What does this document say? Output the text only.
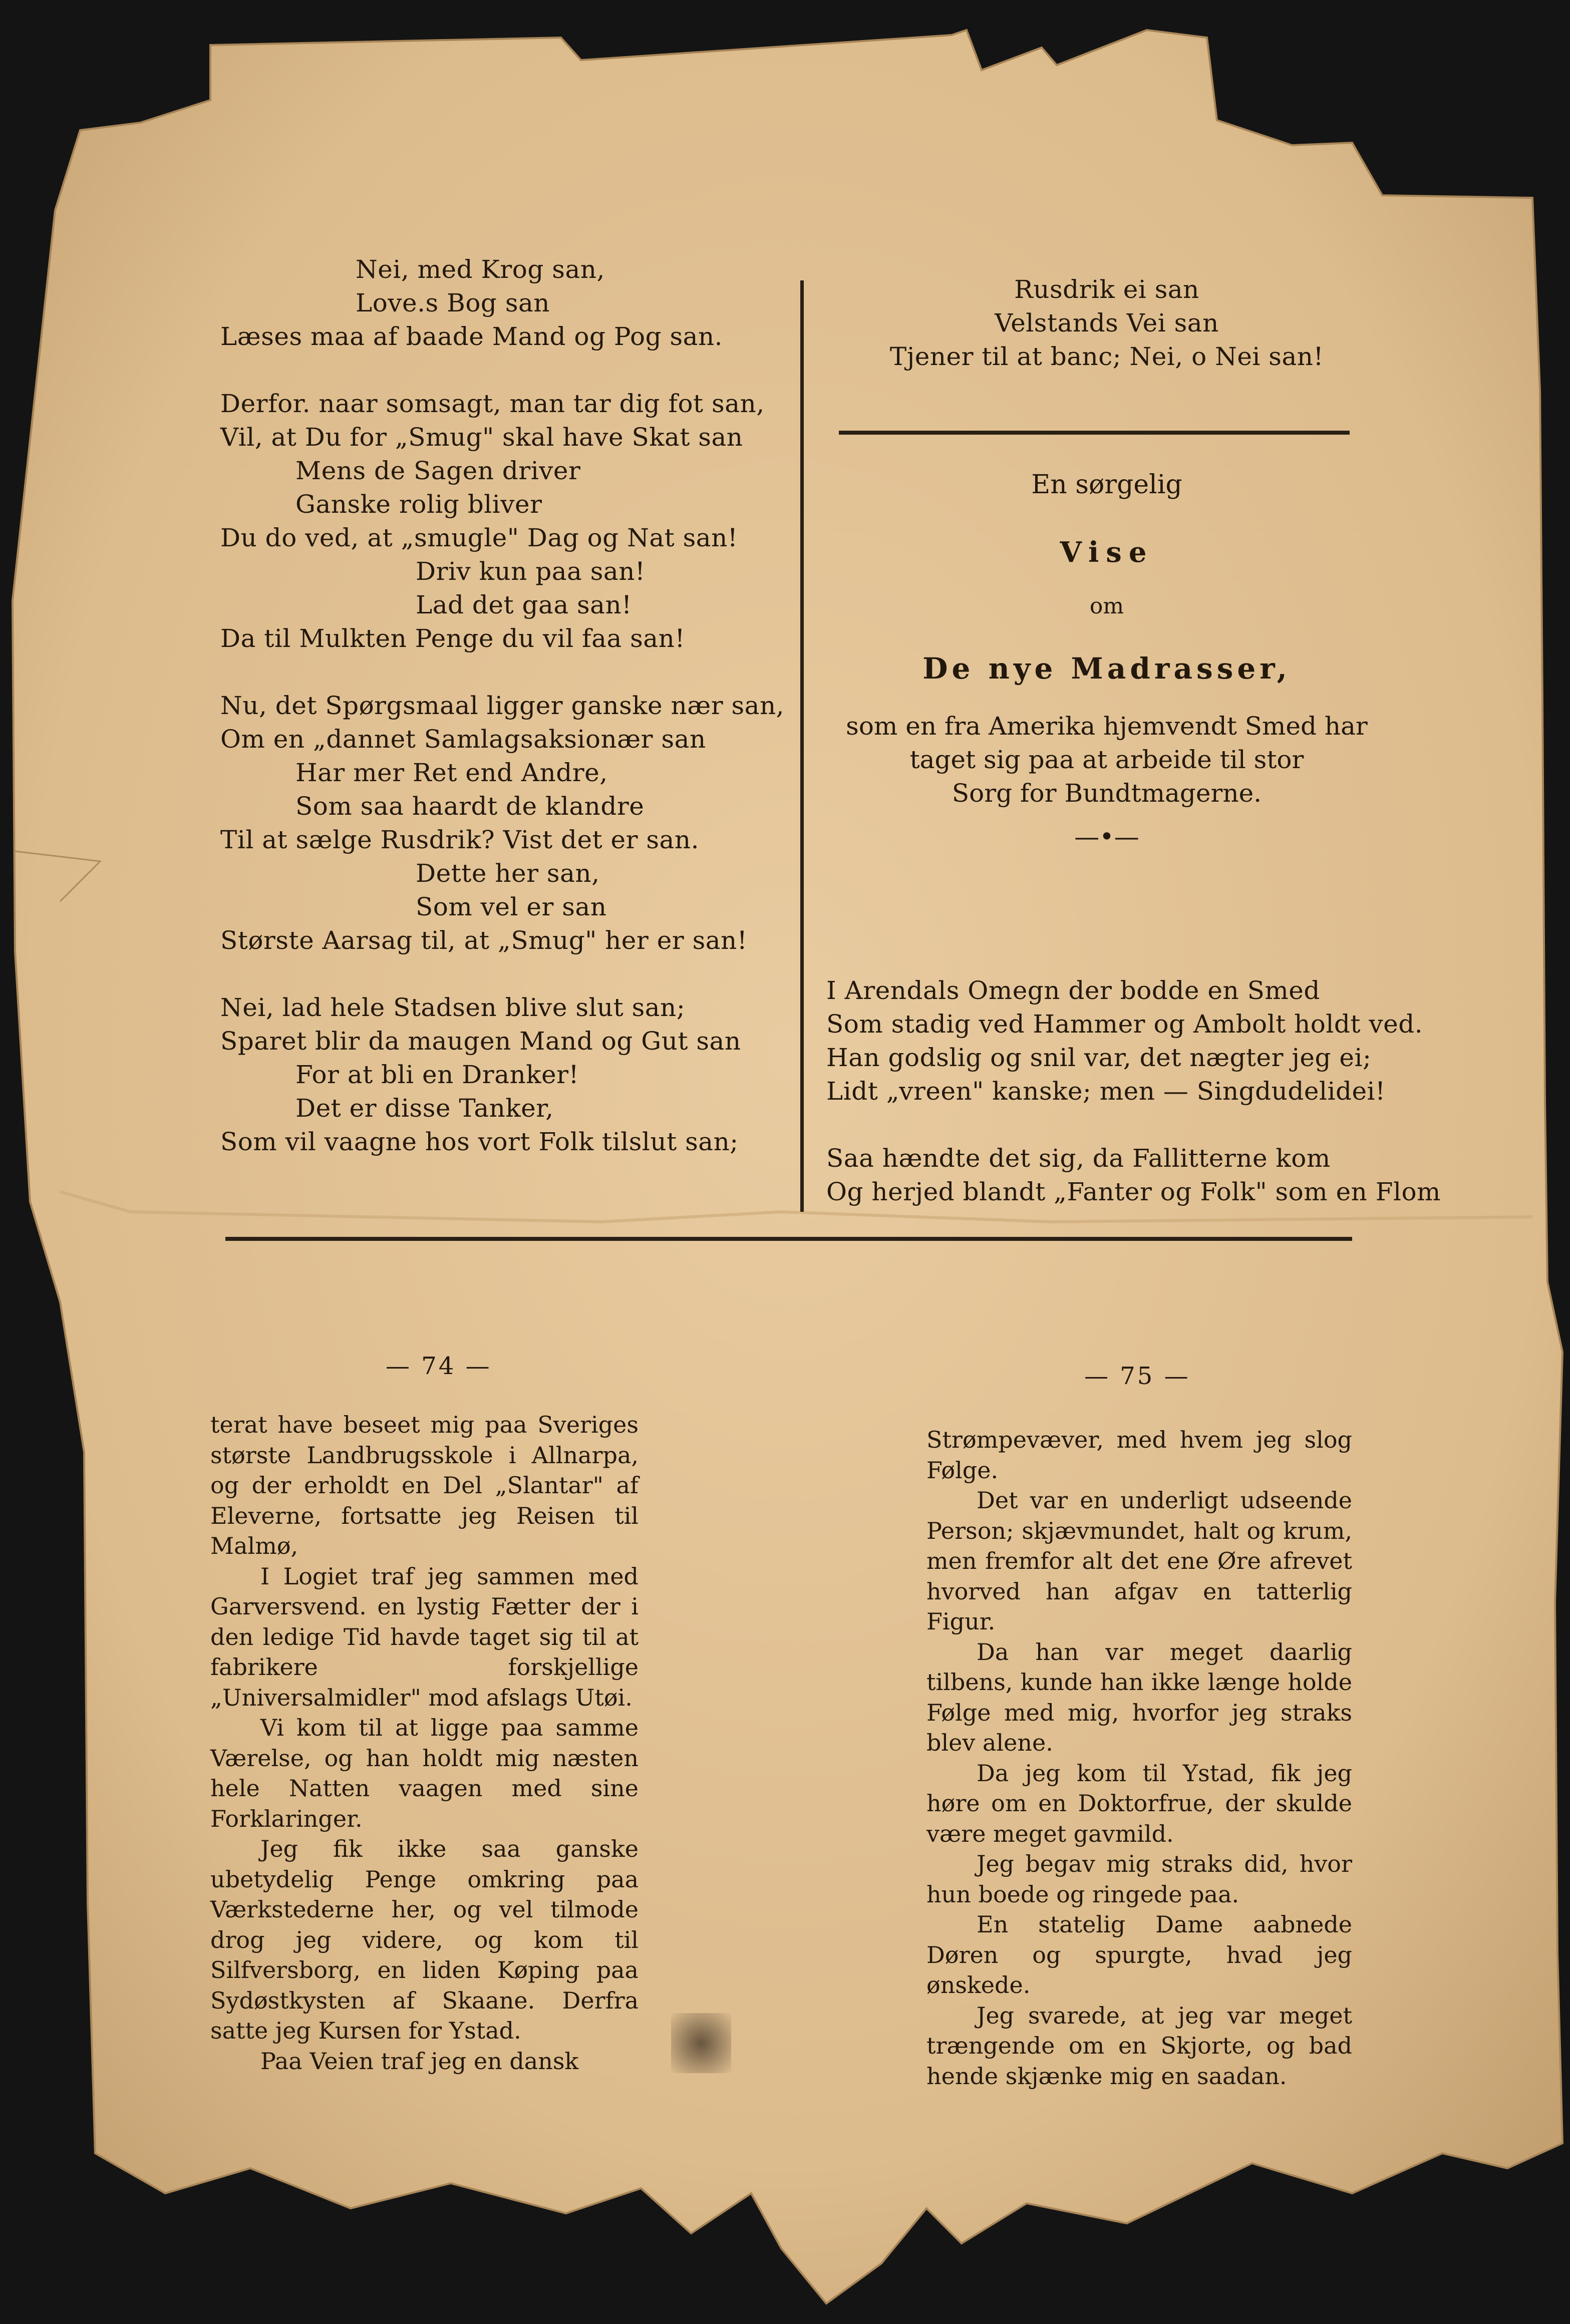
Nei, med Krog san,
Love.s Bog san
Læses maa af baade Mand og Pog san.
Derfor. naar somsagt, man tar dig fot san,
Vil, at Du for „Smug" skal have Skat san
Mens de Sagen driver
Ganske rolig bliver
Du do ved, at „smugle" Dag og Nat san!
Driv kun paa san!
Lad det gaa san!
Da til Mulkten Penge du vil faa san!
Nu, det Spørgsmaal ligger ganske nær san,
Om en „dannet Samlagsaksionær san
Har mer Ret end Andre,
Som saa haardt de klandre
Til at sælge Rusdrik? Vist det er san.
Dette her san,
Som vel er san
Største Aarsag til, at „Smug" her er san!
Nei, lad hele Stadsen blive slut san;
Sparet blir da maugen Mand og Gut san
For at bli en Dranker!
Det er disse Tanker,
Som vil vaagne hos vort Folk tilslut san;
Rusdrik ei san
Velstands Vei san
Tjener til at banc; Nei, o Nei san!
En sørgelig
Vise
om
De nye Madrasser,
som en fra Amerika hjemvendt Smed har
taget sig paa at arbeide til stor
Sorg for Bundtmagerne.
—•—
I Arendals Omegn der bodde en Smed
Som stadig ved Hammer og Ambolt holdt ved.
Han godslig og snil var, det nægter jeg ei;
Lidt „vreen" kanske; men — Singdudelidei!
Saa hændte det sig, da Fallitterne kom
Og herjed blandt „Fanter og Folk" som en Flom
— 74 —

terat have beseet mig paa Sveriges største Landbrugsskole i Allnarpa, og der erholdt en Del „Slantar" af Eleverne, fortsatte jeg Reisen til Malmø,

I Logiet traf jeg sammen med Garversvend. en lystig Fætter der i den ledige Tid havde taget sig til at fabrikere forskjellige „Universalmidler" mod afslags Utøi.

Vi kom til at ligge paa samme Værelse, og han holdt mig næsten hele Natten vaagen med sine Forklaringer.

Jeg fik ikke saa ganske ubetydelig Penge omkring paa Værkstederne her, og vel tilmode drog jeg videre, og kom til Silfversborg, en liden Køping paa Sydøstkysten af Skaane. Derfra satte jeg Kursen for Ystad.

Paa Veien traf jeg en dansk

— 75 —

Strømpevæver, med hvem jeg slog Følge.

Det var en underligt udseende Person; skjævmundet, halt og krum, men fremfor alt det ene Øre afrevet hvorved han afgav en tatterlig Figur.

Da han var meget daarlig tilbens, kunde han ikke længe holde Følge med mig, hvorfor jeg straks blev alene.

Da jeg kom til Ystad, fik jeg høre om en Doktorfrue, der skulde være meget gavmild.

Jeg begav mig straks did, hvor hun boede og ringede paa.

En statelig Dame aabnede Døren og spurgte, hvad jeg ønskede.

Jeg svarede, at jeg var meget trængende om en Skjorte, og bad hende skjænke mig en saadan.
